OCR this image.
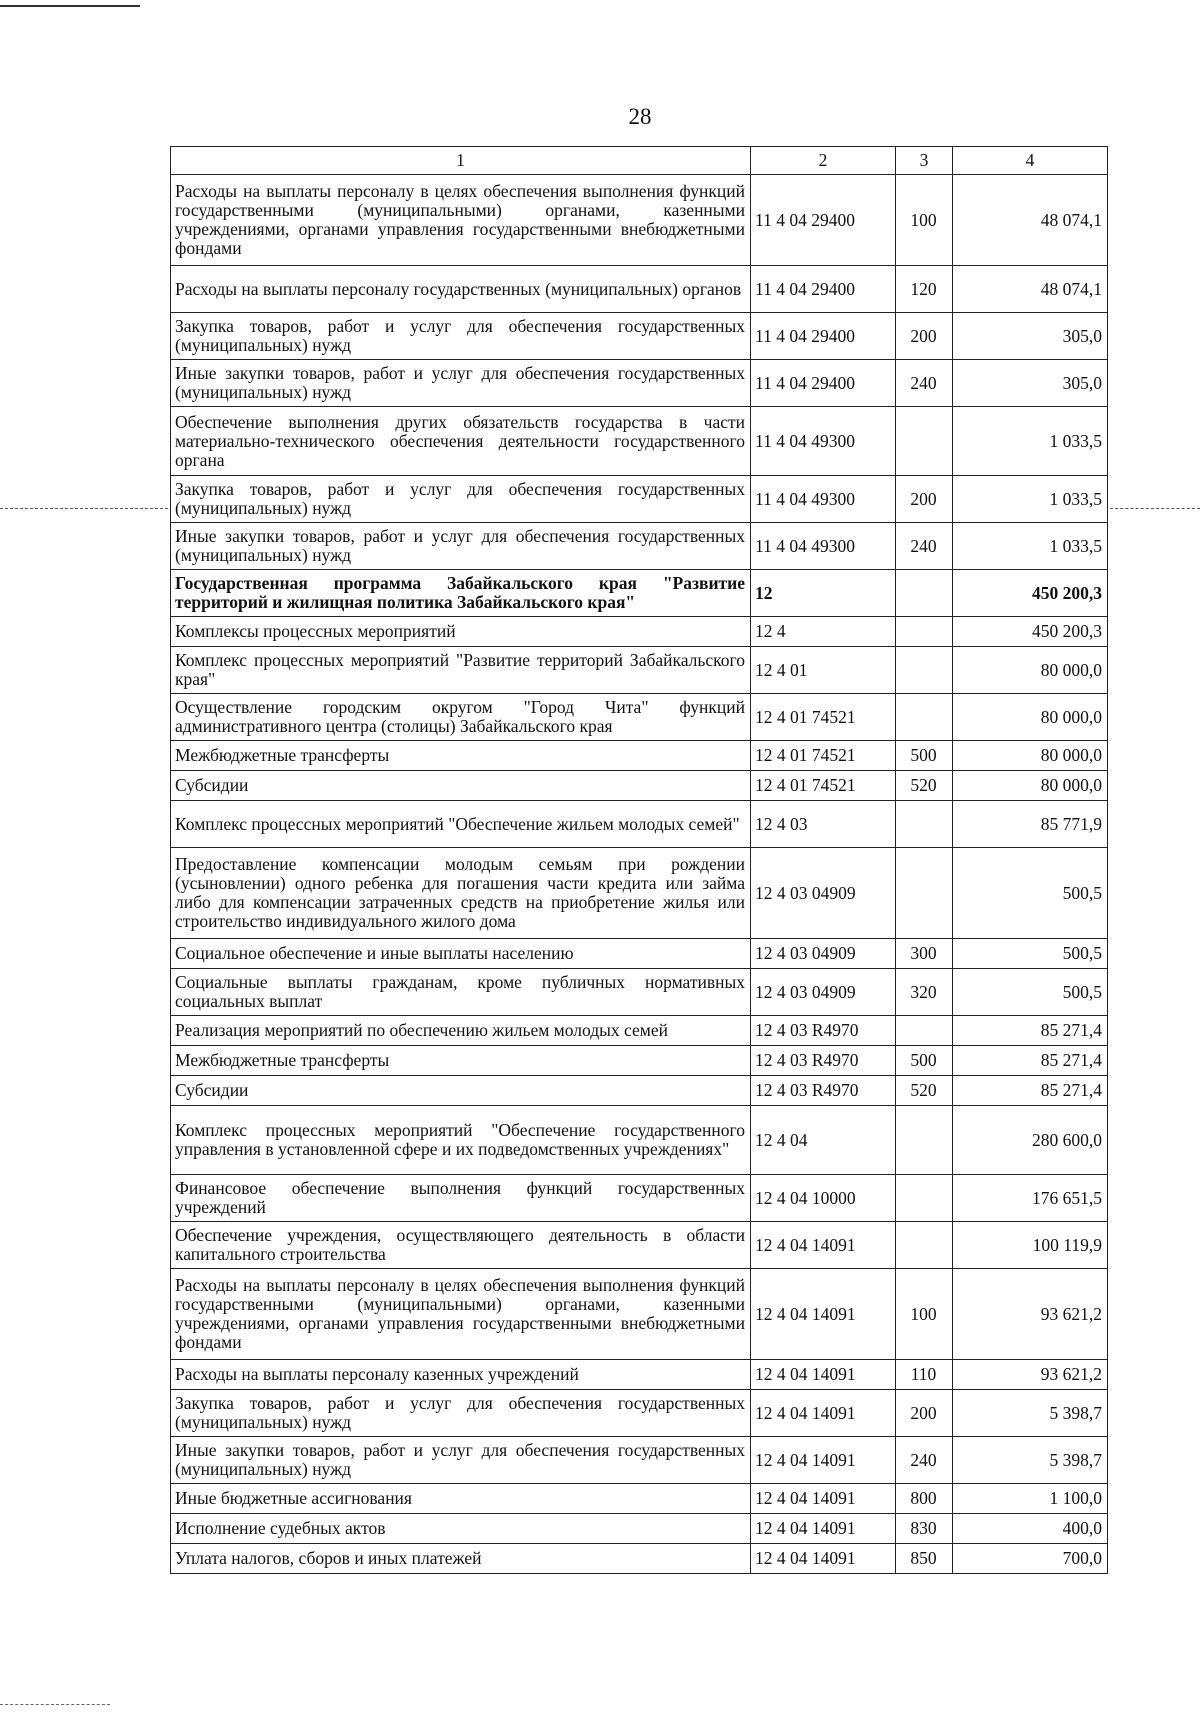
28
1	2	3	4
Расходы на выплаты персоналу в целях обеспечения выполнения функций государственными (муниципальными) органами, казенными учреждениями, органами управления государственными внебюджетными фондами	11 4 04 29400	100	48 074,1
Расходы на выплаты персоналу государственных (муниципальных) органов	11 4 04 29400	120	48 074,1
Закупка товаров, работ и услуг для обеспечения государственных (муниципальных) нужд	11 4 04 29400	200	305,0
Иные закупки товаров, работ и услуг для обеспечения государственных (муниципальных) нужд	11 4 04 29400	240	305,0
Обеспечение выполнения других обязательств государства в части материально-технического обеспечения деятельности государственного органа	11 4 04 49300		1 033,5
Закупка товаров, работ и услуг для обеспечения государственных (муниципальных) нужд	11 4 04 49300	200	1 033,5
Иные закупки товаров, работ и услуг для обеспечения государственных (муниципальных) нужд	11 4 04 49300	240	1 033,5
Государственная программа Забайкальского края "Развитие территорий и жилищная политика Забайкальского края"	12		450 200,3
Комплексы процессных мероприятий	12 4		450 200,3
Комплекс процессных мероприятий "Развитие территорий Забайкальского края"	12 4 01		80 000,0
Осуществление городским округом "Город Чита" функций административного центра (столицы) Забайкальского края	12 4 01 74521		80 000,0
Межбюджетные трансферты	12 4 01 74521	500	80 000,0
Субсидии	12 4 01 74521	520	80 000,0
Комплекс процессных мероприятий "Обеспечение жильем молодых семей"	12 4 03		85 771,9
Предоставление компенсации молодым семьям при рождении (усыновлении) одного ребенка для погашения части кредита или займа либо для компенсации затраченных средств на приобретение жилья или строительство индивидуального жилого дома	12 4 03 04909		500,5
Социальное обеспечение и иные выплаты населению	12 4 03 04909	300	500,5
Социальные выплаты гражданам, кроме публичных нормативных социальных выплат	12 4 03 04909	320	500,5
Реализация мероприятий по обеспечению жильем молодых семей	12 4 03 R4970		85 271,4
Межбюджетные трансферты	12 4 03 R4970	500	85 271,4
Субсидии	12 4 03 R4970	520	85 271,4
Комплекс процессных мероприятий "Обеспечение государственного управления в установленной сфере и их подведомственных учреждениях"	12 4 04		280 600,0
Финансовое обеспечение выполнения функций государственных учреждений	12 4 04 10000		176 651,5
Обеспечение учреждения, осуществляющего деятельность в области капитального строительства	12 4 04 14091		100 119,9
Расходы на выплаты персоналу в целях обеспечения выполнения функций государственными (муниципальными) органами, казенными учреждениями, органами управления государственными внебюджетными фондами	12 4 04 14091	100	93 621,2
Расходы на выплаты персоналу казенных учреждений	12 4 04 14091	110	93 621,2
Закупка товаров, работ и услуг для обеспечения государственных (муниципальных) нужд	12 4 04 14091	200	5 398,7
Иные закупки товаров, работ и услуг для обеспечения государственных (муниципальных) нужд	12 4 04 14091	240	5 398,7
Иные бюджетные ассигнования	12 4 04 14091	800	1 100,0
Исполнение судебных актов	12 4 04 14091	830	400,0
Уплата налогов, сборов и иных платежей	12 4 04 14091	850	700,0
